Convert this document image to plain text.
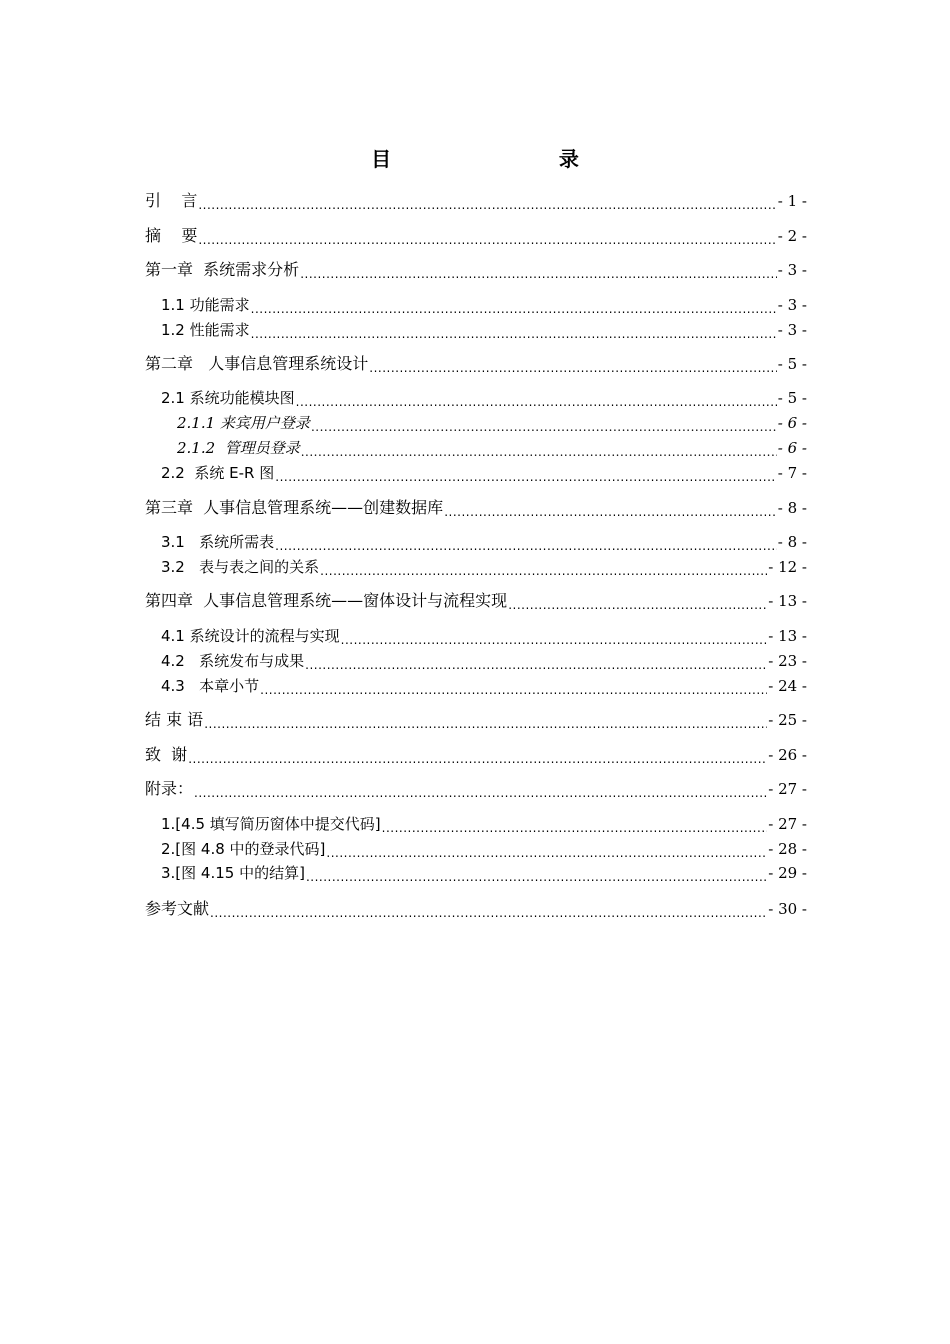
目    录
引    言 .....	- 1 -
摘    要 .....	- 2 -
第一章  系统需求分析 .....	- 3 -
1.1 功能需求 .....	- 3 -
1.2 性能需求 .....	- 3 -
第二章   人事信息管理系统设计 .....	- 5 -
2.1 系统功能模块图 .....	- 5 -
2.1.1 来宾用户登录 .....	- 6 -
2.1.2  管理员登录 .....	- 6 -
2.2  系统 E-R 图 .....	- 7 -
第三章  人事信息管理系统——创建数据库 .....	- 8 -
3.1   系统所需表 .....	- 8 -
3.2   表与表之间的关系 .....	- 12 -
第四章  人事信息管理系统——窗体设计与流程实现 .....	- 13 -
4.1 系统设计的流程与实现 .....	- 13 -
4.2   系统发布与成果 .....	- 23 -
4.3   本章小节 .....	- 24 -
结 束 语 .....	- 25 -
致  谢 .....	- 26 -
附录： .....	- 27 -
1.[4.5 填写简历窗体中提交代码] .....	- 27 -
2.[图 4.8 中的登录代码] .....	- 28 -
3.[图 4.15 中的结算] .....	- 29 -
参考文献 .....	- 30 -
